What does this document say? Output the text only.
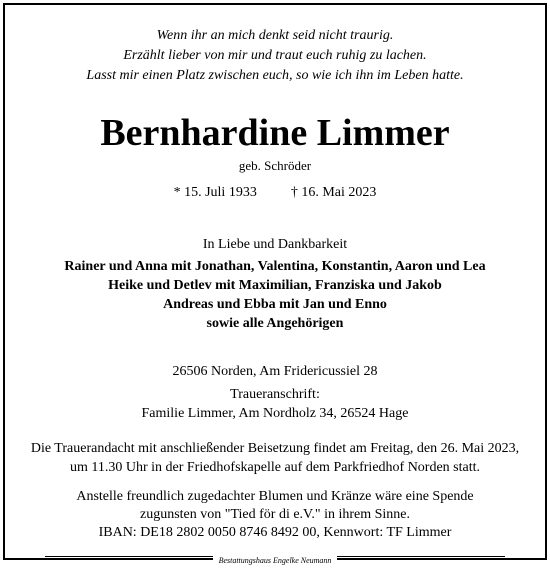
Wenn ihr an mich denkt seid nicht traurig.
Erzählt lieber von mir und traut euch ruhig zu lachen.
Lasst mir einen Platz zwischen euch, so wie ich ihn im Leben hatte.
Bernhardine Limmer
geb. Schröder
* 15. Juli 1933 † 16. Mai 2023
In Liebe und Dankbarkeit
Rainer und Anna mit Jonathan, Valentina, Konstantin, Aaron und Lea
Heike und Detlev mit Maximilian, Franziska und Jakob
Andreas und Ebba mit Jan und Enno
sowie alle Angehörigen
26506 Norden, Am Fridericussiel 28
Traueranschrift:
Familie Limmer, Am Nordholz 34, 26524 Hage
Die Trauerandacht mit anschließender Beisetzung findet am Freitag, den 26. Mai 2023,
um 11.30 Uhr in der Friedhofskapelle auf dem Parkfriedhof Norden statt.
Anstelle freundlich zugedachter Blumen und Kränze wäre eine Spende
zugunsten von "Tied för di e.V." in ihrem Sinne.
IBAN: DE18 2802 0050 8746 8492 00, Kennwort: TF Limmer
Bestattungshaus Engelke Neumann
